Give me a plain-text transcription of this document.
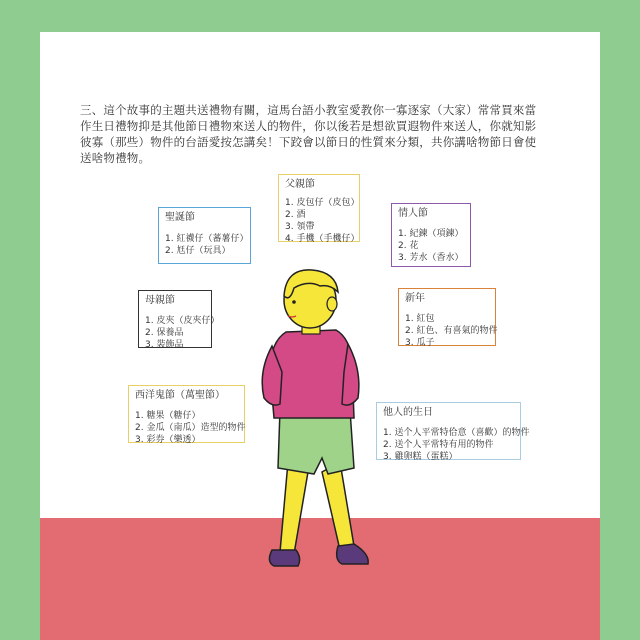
三、這个故事的主題共送禮物有關，這馬台語小教室愛教你一寡逐家（大家）常常買來當作生日禮物抑是其他節日禮物來送人的物件，你以後若是想欲買遐物件來送人，你就知影彼寡（那些）物件的台語愛按怎講矣！下跤會以節日的性質來分類，共你講啥物節日會使送啥物禮物。
聖誕節
1. 紅襪仔（蕃薯仔）
2. 尪仔（玩具）
父親節
1. 皮包仔（皮包）
2. 酒
3. 領帶
4. 手機（手機仔）
情人節
1. 紀鍊（項鍊）
2. 花
3. 芳水（香水）
母親節
1. 皮夾（皮夾仔）
2. 保養品
3. 裝飾品
新年
1. 紅包
2. 紅色、有喜氣的物件
3. 瓜子
西洋鬼節（萬聖節）
1. 糖果（糖仔）
2. 金瓜（南瓜）造型的物件
3. 彩券（樂透）
他人的生日
1. 送个人平常特佮意（喜歡）的物件
2. 送个人平常特有用的物件
3. 雞卵糕（蛋糕）
